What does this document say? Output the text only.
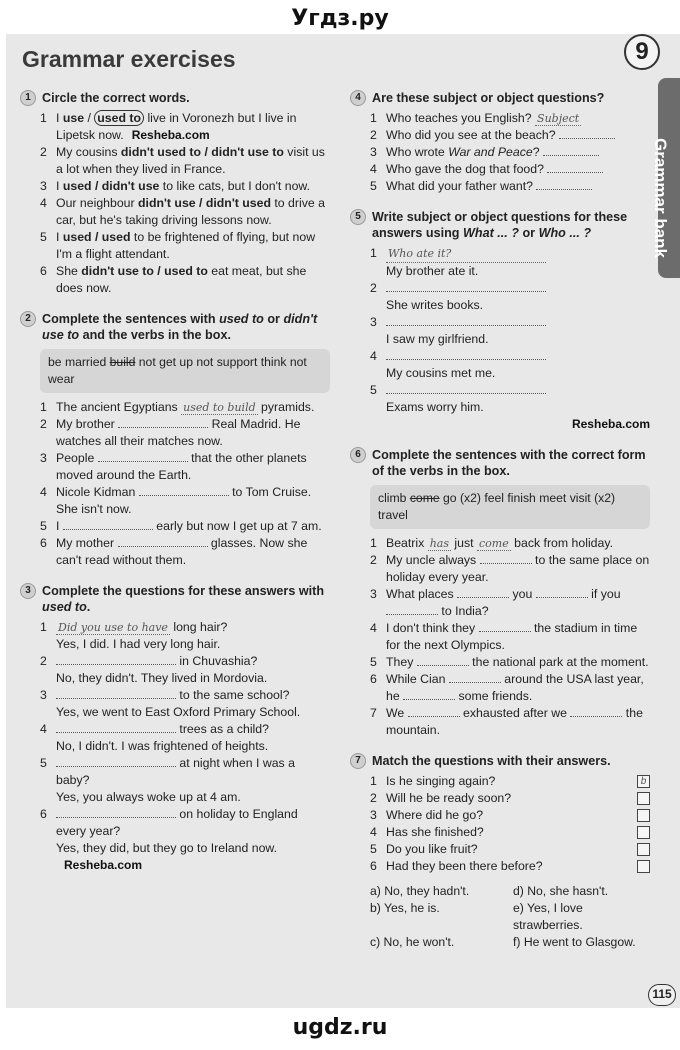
Угдз.ру
Grammar exercises	9
Grammar bank
1 Circle the correct words.
1 I use / used to live in Voronezh but I live in Lipetsk now. Resheba.com
2 My cousins didn't used to / didn't use to visit us a lot when they lived in France.
3 I used / didn't use to like cats, but I don't now.
4 Our neighbour didn't use / didn't used to drive a car, but he's taking driving lessons now.
5 I used / used to be frightened of flying, but now I'm a flight attendant.
6 She didn't use to / used to eat meat, but she does now.
2 Complete the sentences with used to or didn't use to and the verbs in the box.
be married build not get up not support think not wear
1 The ancient Egyptians used to build pyramids.
2 My brother	Real Madrid. He watches all their matches now.
3 People	that the other planets moved around the Earth.
4 Nicole Kidman	to Tom Cruise. She isn't now.
5 I	early but now I get up at 7 am.
6 My mother	glasses. Now she can't read without them.
3 Complete the questions for these answers with used to.
1 Did you use to have long hair?
Yes, I did. I had very long hair.
2	in Chuvashia?
No, they didn't. They lived in Mordovia.
3	to the same school?
Yes, we went to East Oxford Primary School.
4	trees as a child?
No, I didn't. I was frightened of heights.
5	at night when I was a baby?
Yes, you always woke up at 4 am.
6	on holiday to England every year?
Yes, they did, but they go to Ireland now.
Resheba.com
4 Are these subject or object questions?
1 Who teaches you English? Subject
2 Who did you see at the beach?
3 Who wrote War and Peace?
4 Who gave the dog that food?
5 What did your father want?
5 Write subject or object questions for these answers using What ... ? or Who ... ?
1 Who ate it?
My brother ate it.
2
She writes books.
3
I saw my girlfriend.
4
My cousins met me.
5
Exams worry him.
Resheba.com
6 Complete the sentences with the correct form of the verbs in the box.
climb come go (x2) feel finish meet visit (x2) travel
1 Beatrix has just come back from holiday.
2 My uncle always	to the same place on holiday every year.
3 What places	you	if you  to India?
4 I don't think they	the stadium in time for the next Olympics.
5 They	the national park at the moment.
6 While Cian	around the USA last year, he	some friends.
7 We	exhausted after we	the mountain.
7 Match the questions with their answers.
1 Is he singing again?	b
2 Will he be ready soon?
3 Where did he go?
4 Has she finished?
5 Do you like fruit?
6 Had they been there before?
a) No, they hadn't.	d) No, she hasn't.
b) Yes, he is.	e) Yes, I love strawberries.
c) No, he won't.	f) He went to Glasgow.
115
ugdz.ru
